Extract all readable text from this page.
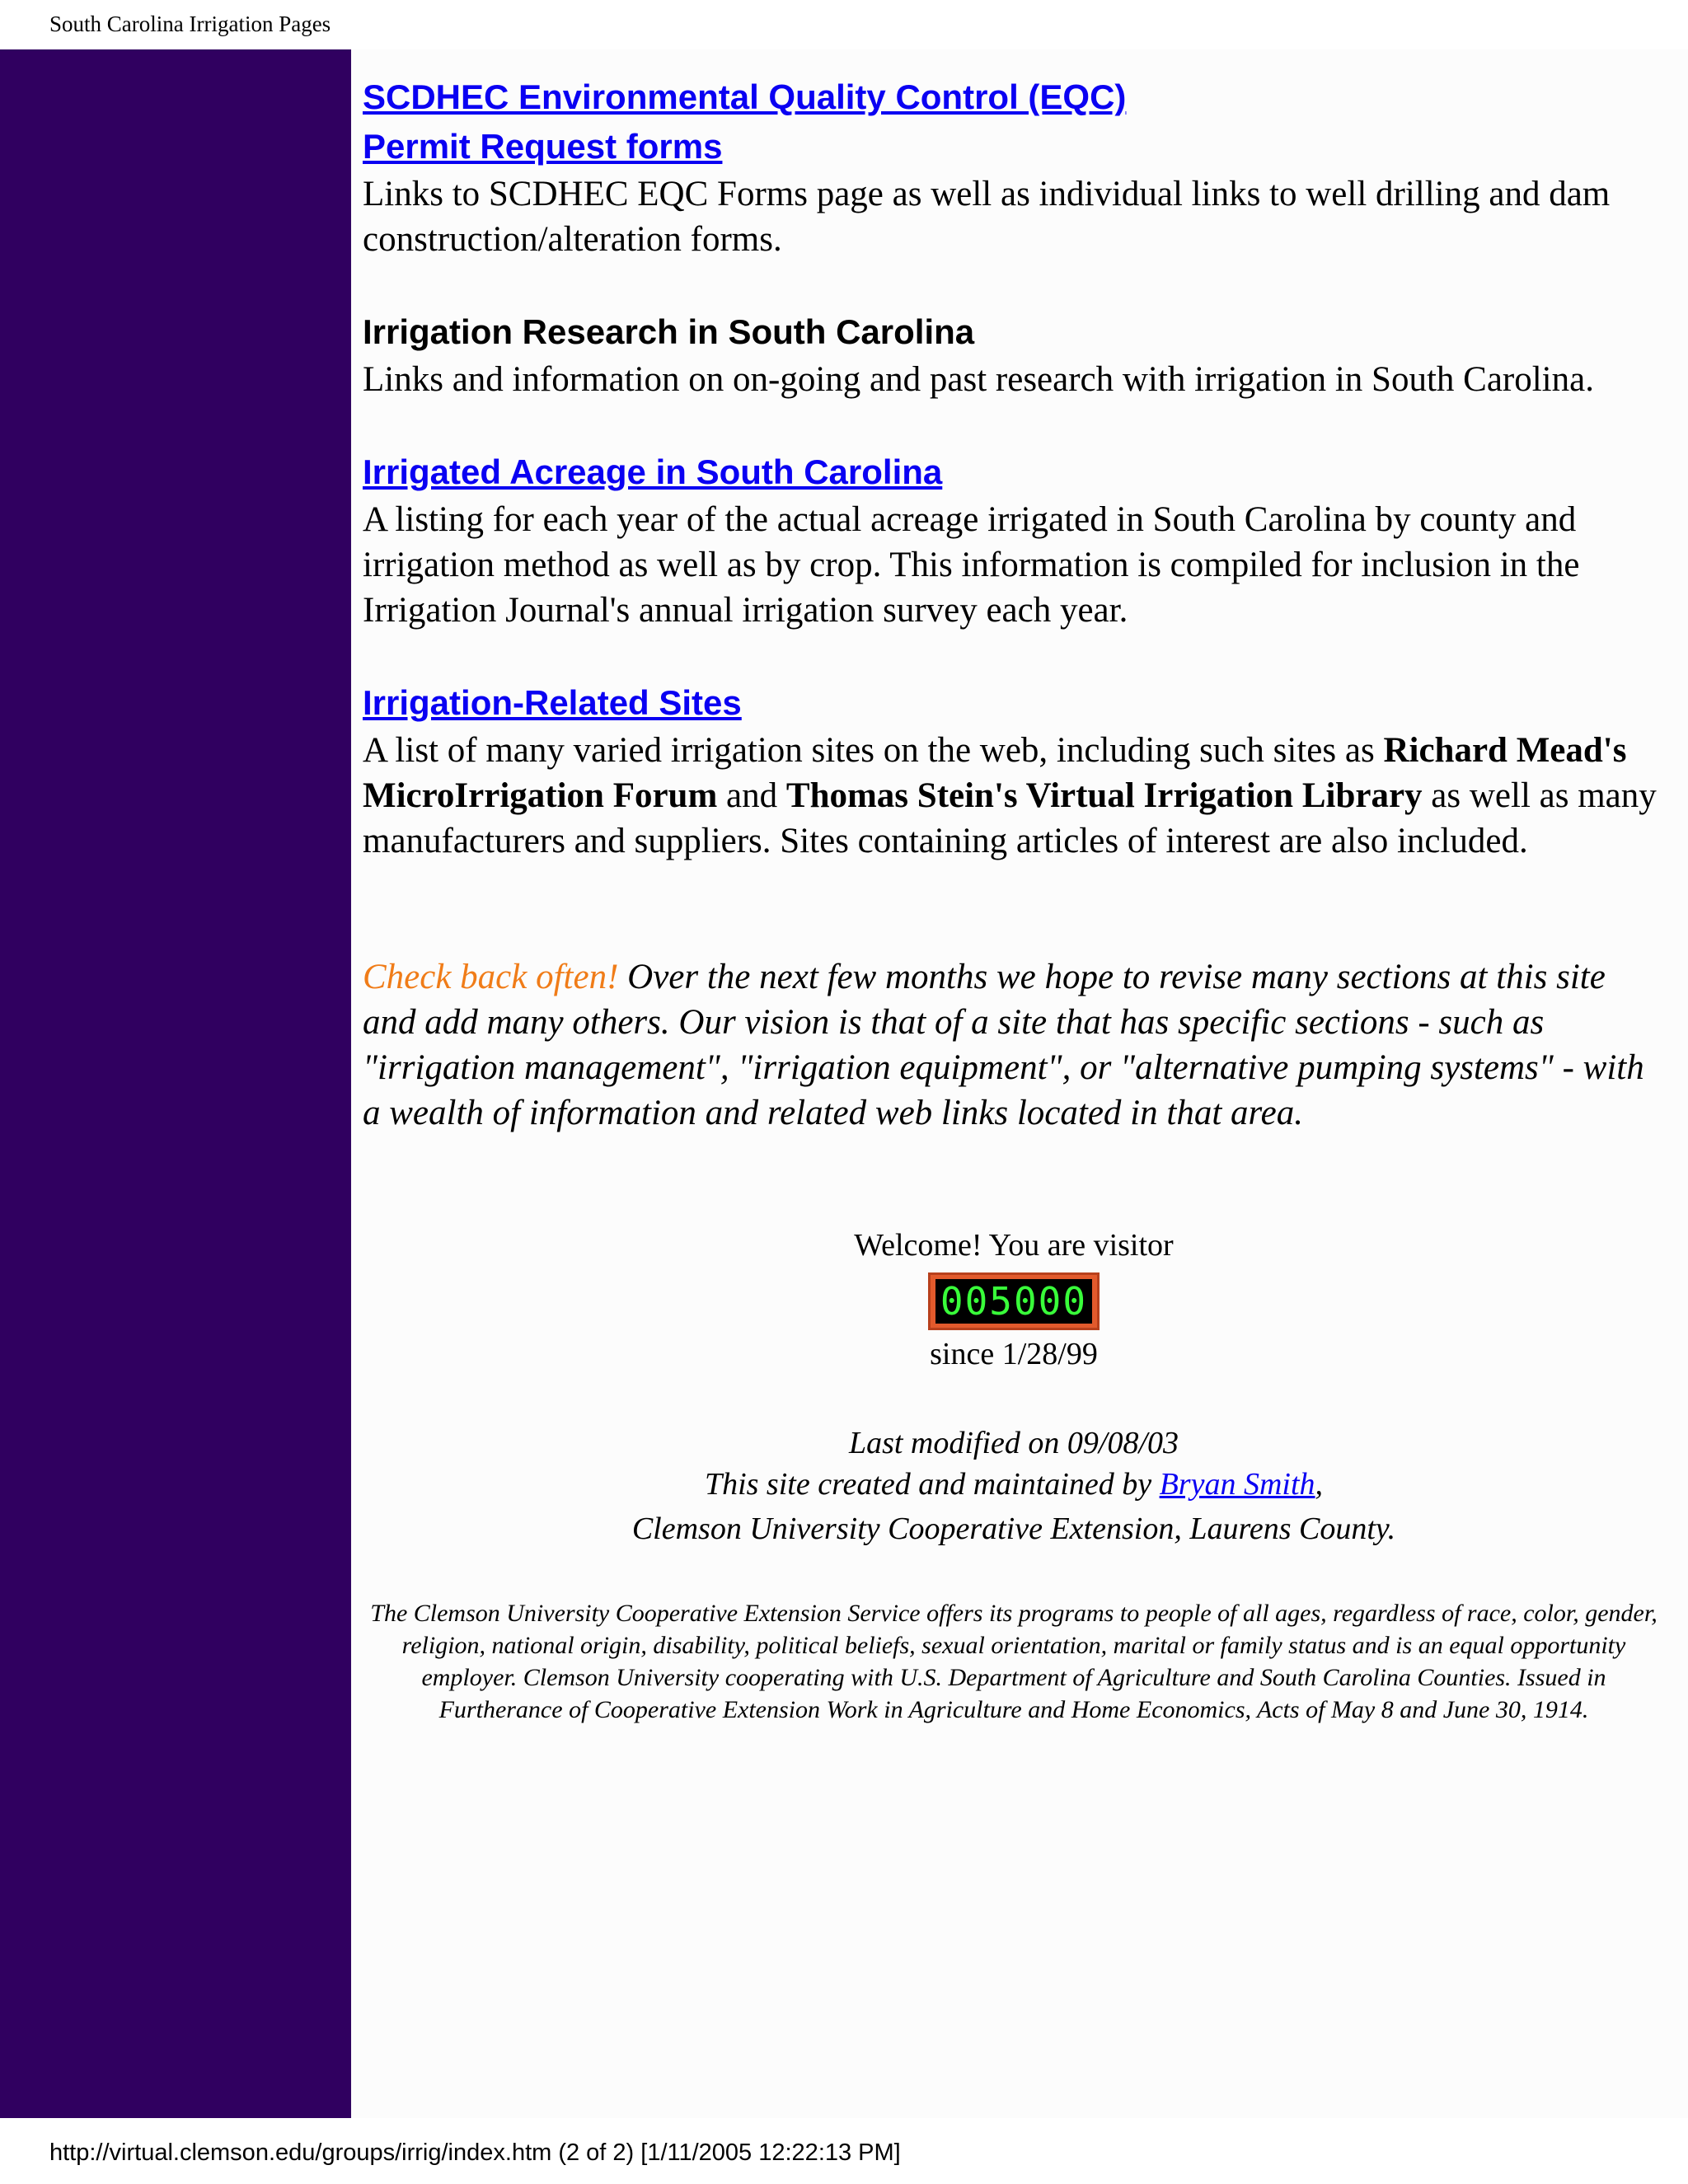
South Carolina Irrigation Pages
SCDHEC Environmental Quality Control (EQC)
Permit Request forms

Links to SCDHEC EQC Forms page as well as individual links to well drilling and dam construction/alteration forms.

Irrigation Research in South Carolina

Links and information on on-going and past research with irrigation in South Carolina.

Irrigated Acreage in South Carolina

A listing for each year of the actual acreage irrigated in South Carolina by county and irrigation method as well as by crop. This information is compiled for inclusion in the Irrigation Journal's annual irrigation survey each year.

Irrigation-Related Sites

A list of many varied irrigation sites on the web, including such sites as Richard Mead's MicroIrrigation Forum and Thomas Stein's Virtual Irrigation Library as well as many manufacturers and suppliers. Sites containing articles of interest are also included.

Check back often! Over the next few months we hope to revise many sections at this site and add many others. Our vision is that of a site that has specific sections - such as "irrigation management", "irrigation equipment", or "alternative pumping systems" - with a wealth of information and related web links located in that area.

Welcome! You are visitor
005000
since 1/28/99
Last modified on 09/08/03
This site created and maintained by Bryan Smith,
Clemson University Cooperative Extension, Laurens County.

The Clemson University Cooperative Extension Service offers its programs to people of all ages, regardless of race, color, gender, religion, national origin, disability, political beliefs, sexual orientation, marital or family status and is an equal opportunity employer. Clemson University cooperating with U.S. Department of Agriculture and South Carolina Counties. Issued in Furtherance of Cooperative Extension Work in Agriculture and Home Economics, Acts of May 8 and June 30, 1914.

http://virtual.clemson.edu/groups/irrig/index.htm (2 of 2) [1/11/2005 12:22:13 PM]
